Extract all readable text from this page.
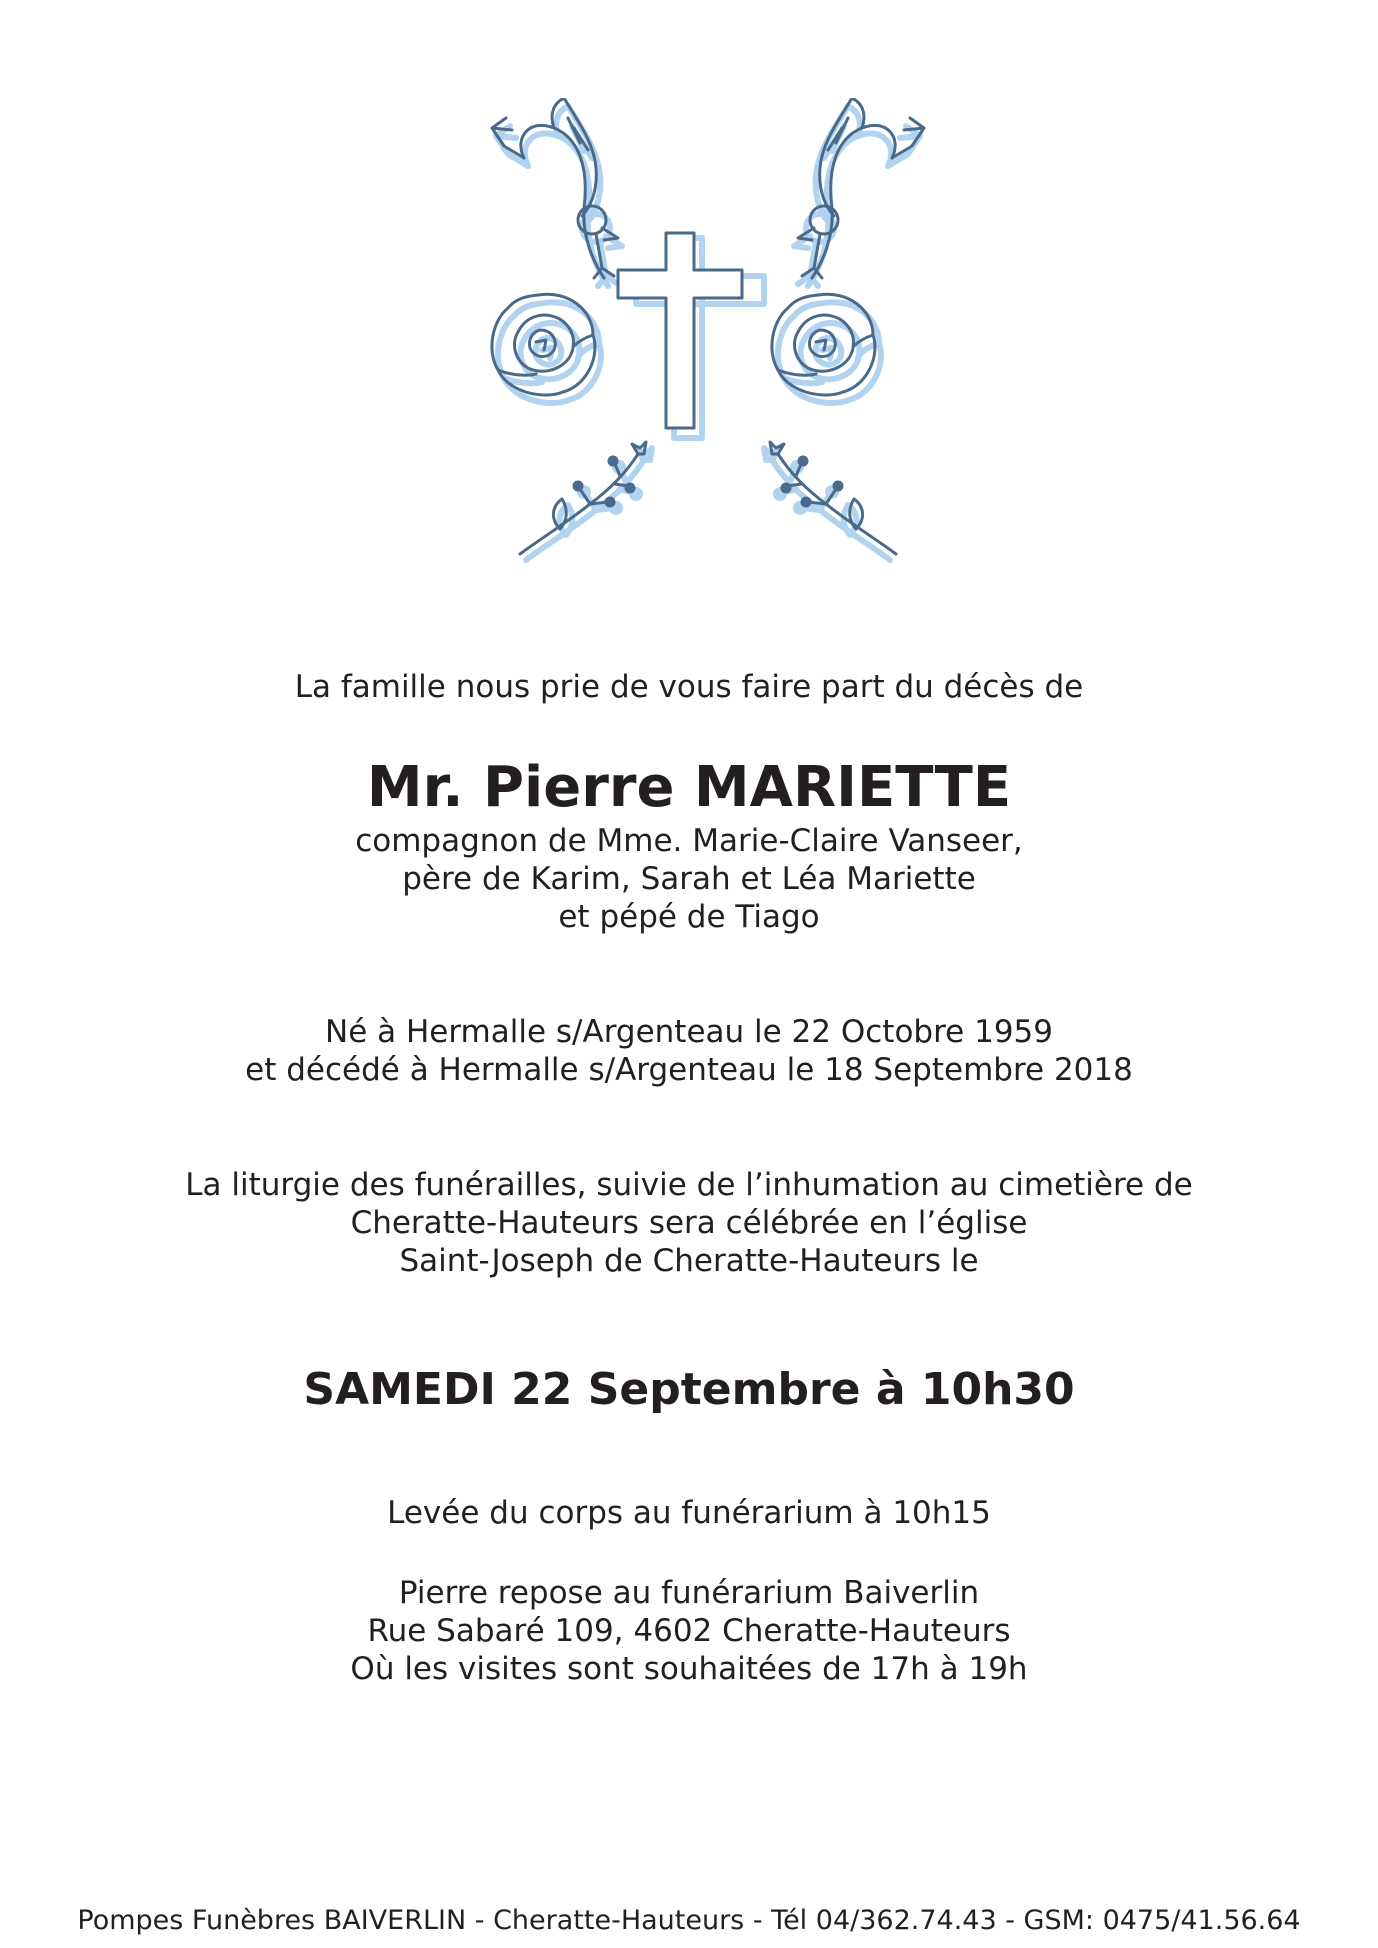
La famille nous prie de vous faire part du décès de
Mr. Pierre MARIETTE
compagnon de Mme. Marie-Claire Vanseer,
père de Karim, Sarah et Léa Mariette
et pépé de Tiago
Né à Hermalle s/Argenteau le 22 Octobre 1959
et décédé à Hermalle s/Argenteau le 18 Septembre 2018
La liturgie des funérailles, suivie de l’inhumation au cimetière de
Cheratte-Hauteurs sera célébrée en l’église
Saint-Joseph de Cheratte-Hauteurs le
SAMEDI 22 Septembre à 10h30
Levée du corps au funérarium à 10h15
Pierre repose au funérarium Baiverlin
Rue Sabaré 109, 4602 Cheratte-Hauteurs
Où les visites sont souhaitées de 17h à 19h
Pompes Funèbres BAIVERLIN - Cheratte-Hauteurs - Tél 04/362.74.43 - GSM: 0475/41.56.64
